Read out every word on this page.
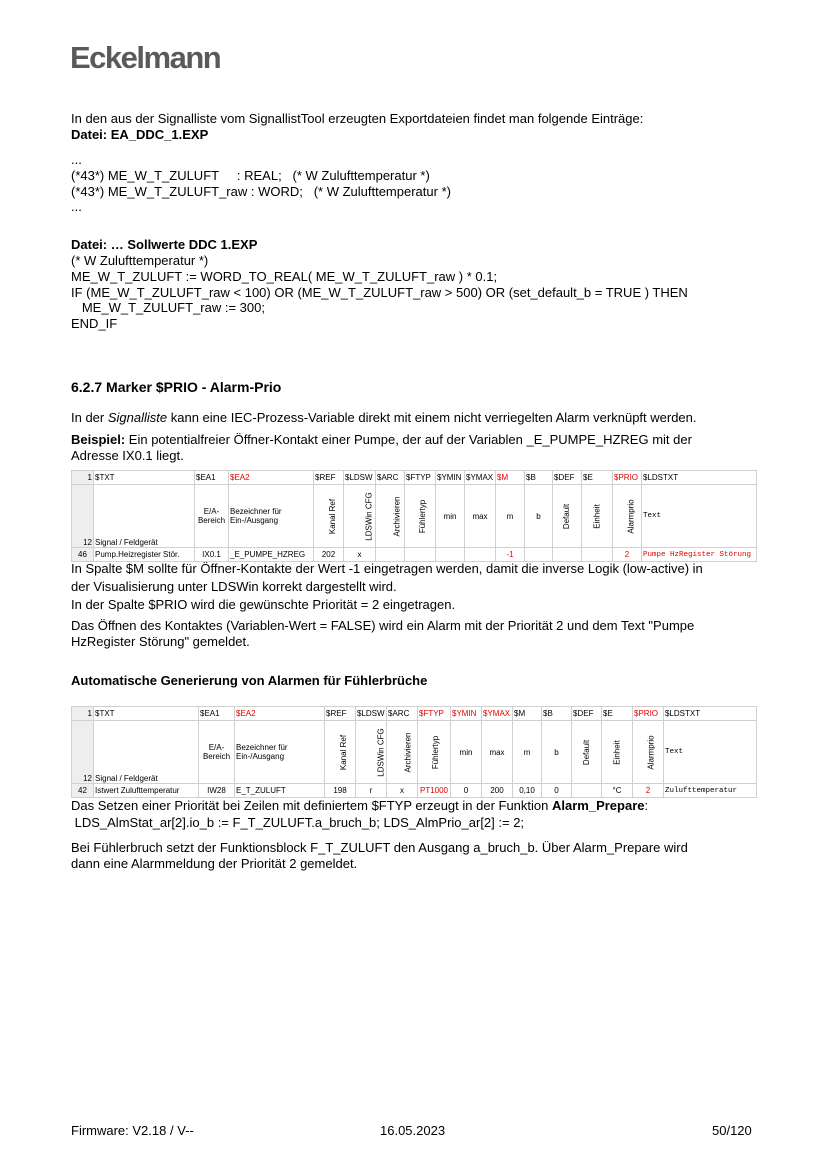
Eckelmann
In den aus der Signalliste vom SignallistTool erzeugten Exportdateien findet man folgende Einträge:
Datei: EA_DDC_1.EXP
...
(*43*) ME_W_T_ZULUFT     : REAL;   (* W Zulufttemperatur *)
(*43*) ME_W_T_ZULUFT_raw : WORD;   (* W Zulufttemperatur *)
...
Datei: … Sollwerte DDC 1.EXP
(* W Zulufttemperatur *)
ME_W_T_ZULUFT := WORD_TO_REAL( ME_W_T_ZULUFT_raw ) * 0.1;
IF (ME_W_T_ZULUFT_raw < 100) OR (ME_W_T_ZULUFT_raw > 500) OR (set_default_b = TRUE ) THEN
ME_W_T_ZULUFT_raw := 300;
END_IF
6.2.7 Marker $PRIO - Alarm-Prio
In der Signalliste kann eine IEC-Prozess-Variable direkt mit einem nicht verriegelten Alarm verknüpft werden.
Beispiel: Ein potentialfreier Öffner-Kontakt einer Pumpe, der auf der Variablen _E_PUMPE_HZREG mit der
Adresse IX0.1 liegt.
1	$TXT	$EA1	$EA2	$REF	$LDSW	$ARC	$FTYP	$YMIN	$YMAX	$M	$B	$DEF	$E	$PRIO	$LDSTXT
12	Signal / Feldgerät	E/A-Bereich	Bezeichner für Ein-/Ausgang	Kanal Ref	LDSWin CFG	Archivieren	Fühlertyp	min	max	m	b	Default	Einheit	Alarmprio	Text
46	Pump.Heizregister Stör.	IX0.1	_E_PUMPE_HZREG	202	x					-1				2	Pumpe HzRegister Störung
In Spalte $M sollte für Öffner-Kontakte der Wert -1 eingetragen werden, damit die inverse Logik (low-active) in
der Visualisierung unter LDSWin korrekt dargestellt wird.
In der Spalte $PRIO wird die gewünschte Priorität = 2 eingetragen.
Das Öffnen des Kontaktes (Variablen-Wert = FALSE) wird ein Alarm mit der Priorität 2 und dem Text "Pumpe
HzRegister Störung" gemeldet.
Automatische Generierung von Alarmen für Fühlerbrüche
1	$TXT	$EA1	$EA2	$REF	$LDSW	$ARC	$FTYP	$YMIN	$YMAX	$M	$B	$DEF	$E	$PRIO	$LDSTXT
12	Signal / Feldgerät	E/A-Bereich	Bezeichner für Ein-/Ausgang	Kanal Ref	LDSWin CFG	Archivieren	Fühlertyp	min	max	m	b	Default	Einheit	Alarmprio	Text
42	Istwert Zulufttemperatur	IW28	E_T_ZULUFT	198	r	x	PT1000	0	200	0,10	0		°C	2	Zulufttemperatur
Das Setzen einer Priorität bei Zeilen mit definiertem $FTYP erzeugt in der Funktion Alarm_Prepare:
LDS_AlmStat_ar[2].io_b := F_T_ZULUFT.a_bruch_b; LDS_AlmPrio_ar[2] := 2;
Bei Fühlerbruch setzt der Funktionsblock F_T_ZULUFT den Ausgang a_bruch_b. Über Alarm_Prepare wird
dann eine Alarmmeldung der Priorität 2 gemeldet.
Firmware: V2.18 / V--	16.05.2023	50/120
